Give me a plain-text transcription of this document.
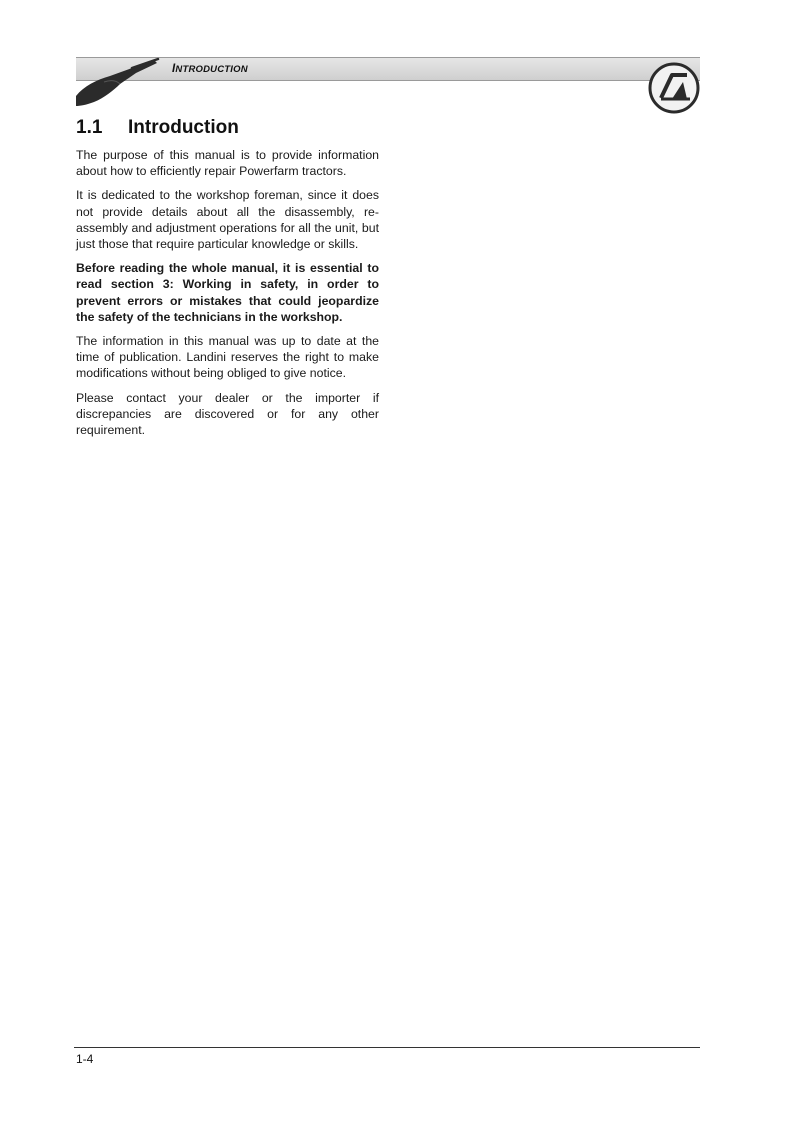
INTRODUCTION
1.1 Introduction

The purpose of this manual is to provide information about how to efficiently repair Powerfarm tractors.

It is dedicated to the workshop foreman, since it does not provide details about all the disassembly, re-assembly and adjustment operations for all the unit, but just those that require particular knowledge or skills.

Before reading the whole manual, it is essential to read section 3: Working in safety, in order to prevent errors or mistakes that could jeopardize the safety of the technicians in the workshop.

The information in this manual was up to date at the time of publication. Landini reserves the right to make modifications without being obliged to give notice.

Please contact your dealer or the importer if discrepancies are discovered or for any other requirement.

1-4
